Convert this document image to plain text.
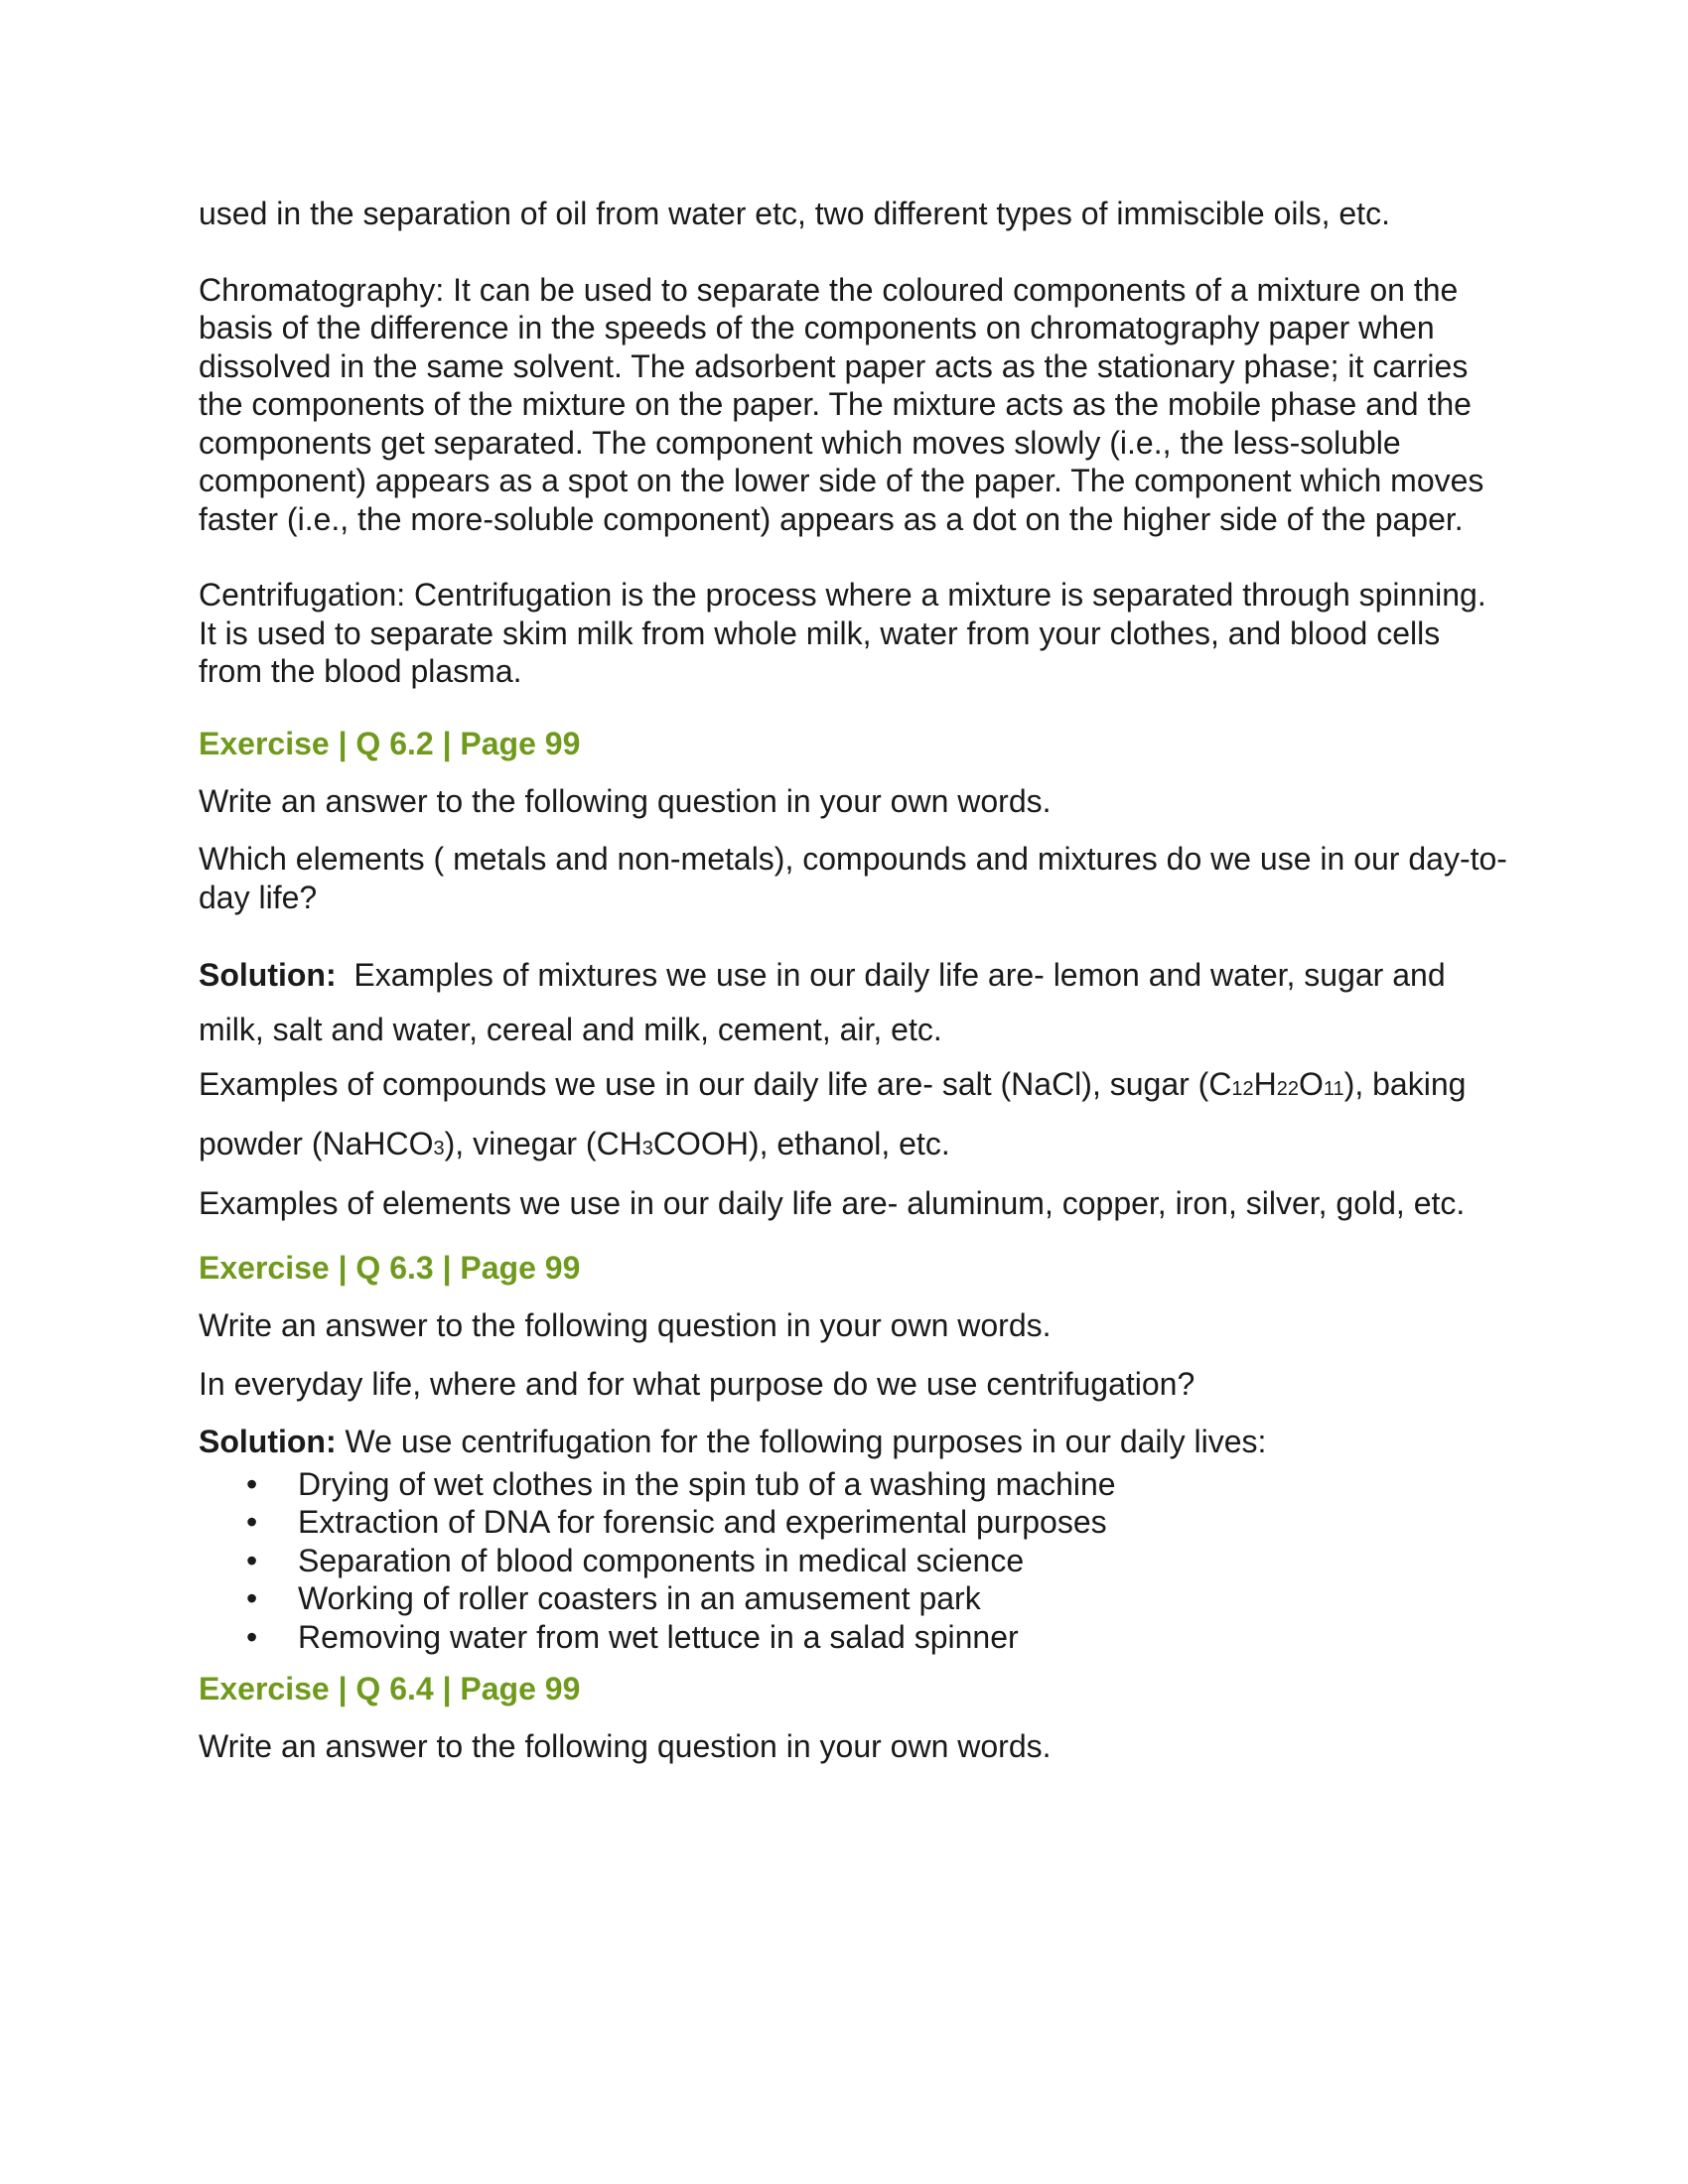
used in the separation of oil from water etc, two different types of immiscible oils, etc.

Chromatography: It can be used to separate the coloured components of a mixture on the basis of the difference in the speeds of the components on chromatography paper when dissolved in the same solvent. The adsorbent paper acts as the stationary phase; it carries the components of the mixture on the paper. The mixture acts as the mobile phase and the components get separated. The component which moves slowly (i.e., the less-soluble component) appears as a spot on the lower side of the paper. The component which moves faster (i.e., the more-soluble component) appears as a dot on the higher side of the paper.

Centrifugation: Centrifugation is the process where a mixture is separated through spinning. It is used to separate skim milk from whole milk, water from your clothes, and blood cells from the blood plasma.

Exercise | Q 6.2 | Page 99

Write an answer to the following question in your own words.

Which elements ( metals and non-metals), compounds and mixtures do we use in our day-to-day life?

Solution: Examples of mixtures we use in our daily life are- lemon and water, sugar and milk, salt and water, cereal and milk, cement, air, etc.

Examples of compounds we use in our daily life are- salt (NaCl), sugar (C12H22O11), baking powder (NaHCO3), vinegar (CH3COOH), ethanol, etc.

Examples of elements we use in our daily life are- aluminum, copper, iron, silver, gold, etc.

Exercise | Q 6.3 | Page 99

Write an answer to the following question in your own words.

In everyday life, where and for what purpose do we use centrifugation?

Solution: We use centrifugation for the following purposes in our daily lives:

• Drying of wet clothes in the spin tub of a washing machine
• Extraction of DNA for forensic and experimental purposes
• Separation of blood components in medical science
• Working of roller coasters in an amusement park
• Removing water from wet lettuce in a salad spinner
Exercise | Q 6.4 | Page 99

Write an answer to the following question in your own words.
